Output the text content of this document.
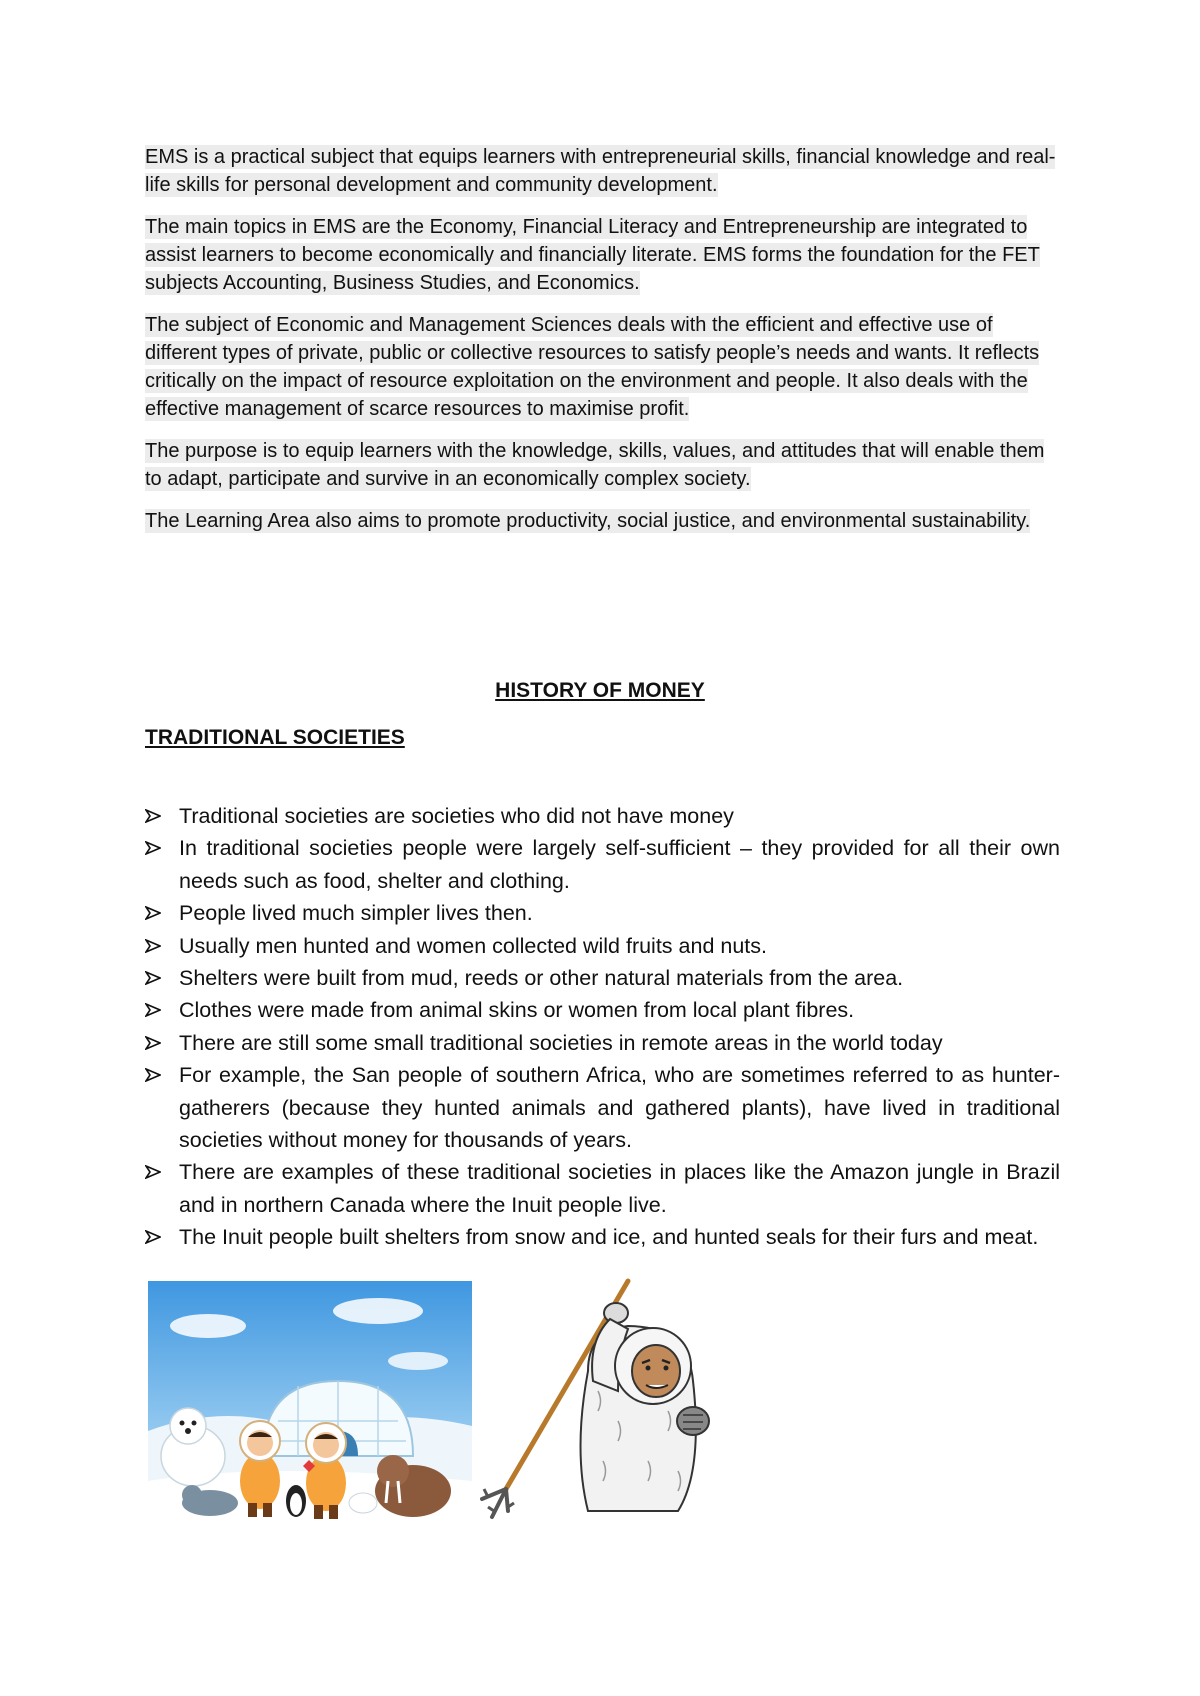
EMS is a practical subject that equips learners with entrepreneurial skills, financial knowledge and real-life skills for personal development and community development.

The main topics in EMS are the Economy, Financial Literacy and Entrepreneurship are integrated to assist learners to become economically and financially literate. EMS forms the foundation for the FET subjects Accounting, Business Studies, and Economics.

The subject of Economic and Management Sciences deals with the efficient and effective use of different types of private, public or collective resources to satisfy people’s needs and wants. It reflects critically on the impact of resource exploitation on the environment and people. It also deals with the effective management of scarce resources to maximise profit.

The purpose is to equip learners with the knowledge, skills, values, and attitudes that will enable them to adapt, participate and survive in an economically complex society.

The Learning Area also aims to promote productivity, social justice, and environmental sustainability.

HISTORY OF MONEY
TRADITIONAL SOCIETIES
Traditional societies are societies who did not have money
In traditional societies people were largely self-sufficient – they provided for all their own needs such as food, shelter and clothing.
People lived much simpler lives then.
Usually men hunted and women collected wild fruits and nuts.
Shelters were built from mud, reeds or other natural materials from the area.
Clothes were made from animal skins or women from local plant fibres.
There are still some small traditional societies in remote areas in the world today
For example, the San people of southern Africa, who are sometimes referred to as hunter-gatherers (because they hunted animals and gathered plants), have lived in traditional societies without money for thousands of years.
There are examples of these traditional societies in places like the Amazon jungle in Brazil and in northern Canada where the Inuit people live.
The Inuit people built shelters from snow and ice, and hunted seals for their furs and meat.
